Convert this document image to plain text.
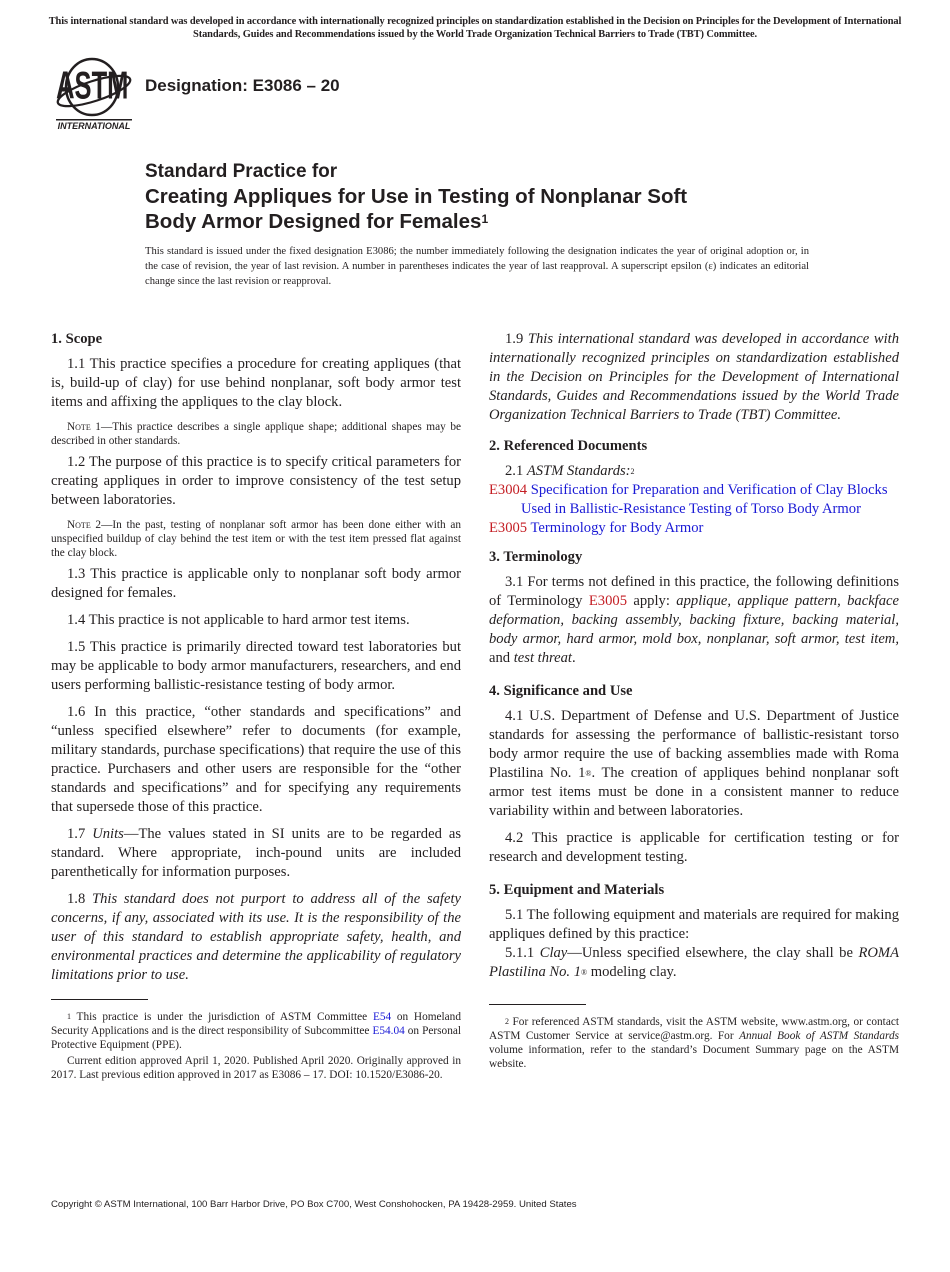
This international standard was developed in accordance with internationally recognized principles on standardization established in the Decision on Principles for the Development of International Standards, Guides and Recommendations issued by the World Trade Organization Technical Barriers to Trade (TBT) Committee.
ASTM
INTERNATIONAL
Designation: E3086 – 20
Standard Practice for
Creating Appliques for Use in Testing of Nonplanar Soft
Body Armor Designed for Females$^1$
This standard is issued under the fixed designation E3086; the number immediately following the designation indicates the year of original adoption or, in the case of revision, the year of last revision. A number in parentheses indicates the year of last reapproval. A superscript epsilon (ε) indicates an editorial change since the last revision or reapproval.
1. Scope

1.1 This practice specifies a procedure for creating appliques (that is, build-up of clay) for use behind nonplanar, soft body armor test items and affixing the appliques to the clay block.

Note 1—This practice describes a single applique shape; additional shapes may be described in other standards.

1.2 The purpose of this practice is to specify critical parameters for creating appliques in order to improve consistency of the test setup between laboratories.

Note 2—In the past, testing of nonplanar soft armor has been done either with an unspecified buildup of clay behind the test item or with the test item pressed flat against the clay block.

1.3 This practice is applicable only to nonplanar soft body armor designed for females.

1.4 This practice is not applicable to hard armor test items.

1.5 This practice is primarily directed toward test laboratories but may be applicable to body armor manufacturers, researchers, and end users performing ballistic-resistance testing of body armor.

1.6 In this practice, “other standards and specifications” and “unless specified elsewhere” refer to documents (for example, military standards, purchase specifications) that require the use of this practice. Purchasers and other users are responsible for the “other standards and specifications” and for specifying any requirements that supersede those of this practice.

1.7 Units—The values stated in SI units are to be regarded as standard. Where appropriate, inch-pound units are included parenthetically for information purposes.

1.8 This standard does not purport to address all of the safety concerns, if any, associated with its use. It is the responsibility of the user of this standard to establish appropriate safety, health, and environmental practices and determine the applicability of regulatory limitations prior to use.

$^1$ This practice is under the jurisdiction of ASTM Committee E54 on Homeland Security Applications and is the direct responsibility of Subcommittee E54.04 on Personal Protective Equipment (PPE).

Current edition approved April 1, 2020. Published April 2020. Originally approved in 2017. Last previous edition approved in 2017 as E3086 – 17. DOI: 10.1520/E3086-20.

1.9 This international standard was developed in accordance with internationally recognized principles on standardization established in the Decision on Principles for the Development of International Standards, Guides and Recommendations issued by the World Trade Organization Technical Barriers to Trade (TBT) Committee.

2. Referenced Documents

2.1 ASTM Standards:$^2$

E3004 Specification for Preparation and Verification of Clay Blocks Used in Ballistic-Resistance Testing of Torso Body Armor

E3005 Terminology for Body Armor

3. Terminology

3.1 For terms not defined in this practice, the following definitions of Terminology E3005 apply: applique, applique pattern, backface deformation, backing assembly, backing fixture, backing material, body armor, hard armor, mold box, nonplanar, soft armor, test item, and test threat.

4. Significance and Use

4.1 U.S. Department of Defense and U.S. Department of Justice standards for assessing the performance of ballistic-resistant torso body armor require the use of backing assemblies made with Roma Plastilina No. 1®. The creation of appliques behind nonplanar soft armor test items must be done in a consistent manner to reduce variability within and between laboratories.

4.2 This practice is applicable for certification testing or for research and development testing.

5. Equipment and Materials

5.1 The following equipment and materials are required for making appliques defined by this practice:

5.1.1 Clay—Unless specified elsewhere, the clay shall be ROMA Plastilina No. 1® modeling clay.

$^2$ For referenced ASTM standards, visit the ASTM website, www.astm.org, or contact ASTM Customer Service at service@astm.org. For Annual Book of ASTM Standards volume information, refer to the standard’s Document Summary page on the ASTM website.

Copyright © ASTM International, 100 Barr Harbor Drive, PO Box C700, West Conshohocken, PA 19428-2959. United States
